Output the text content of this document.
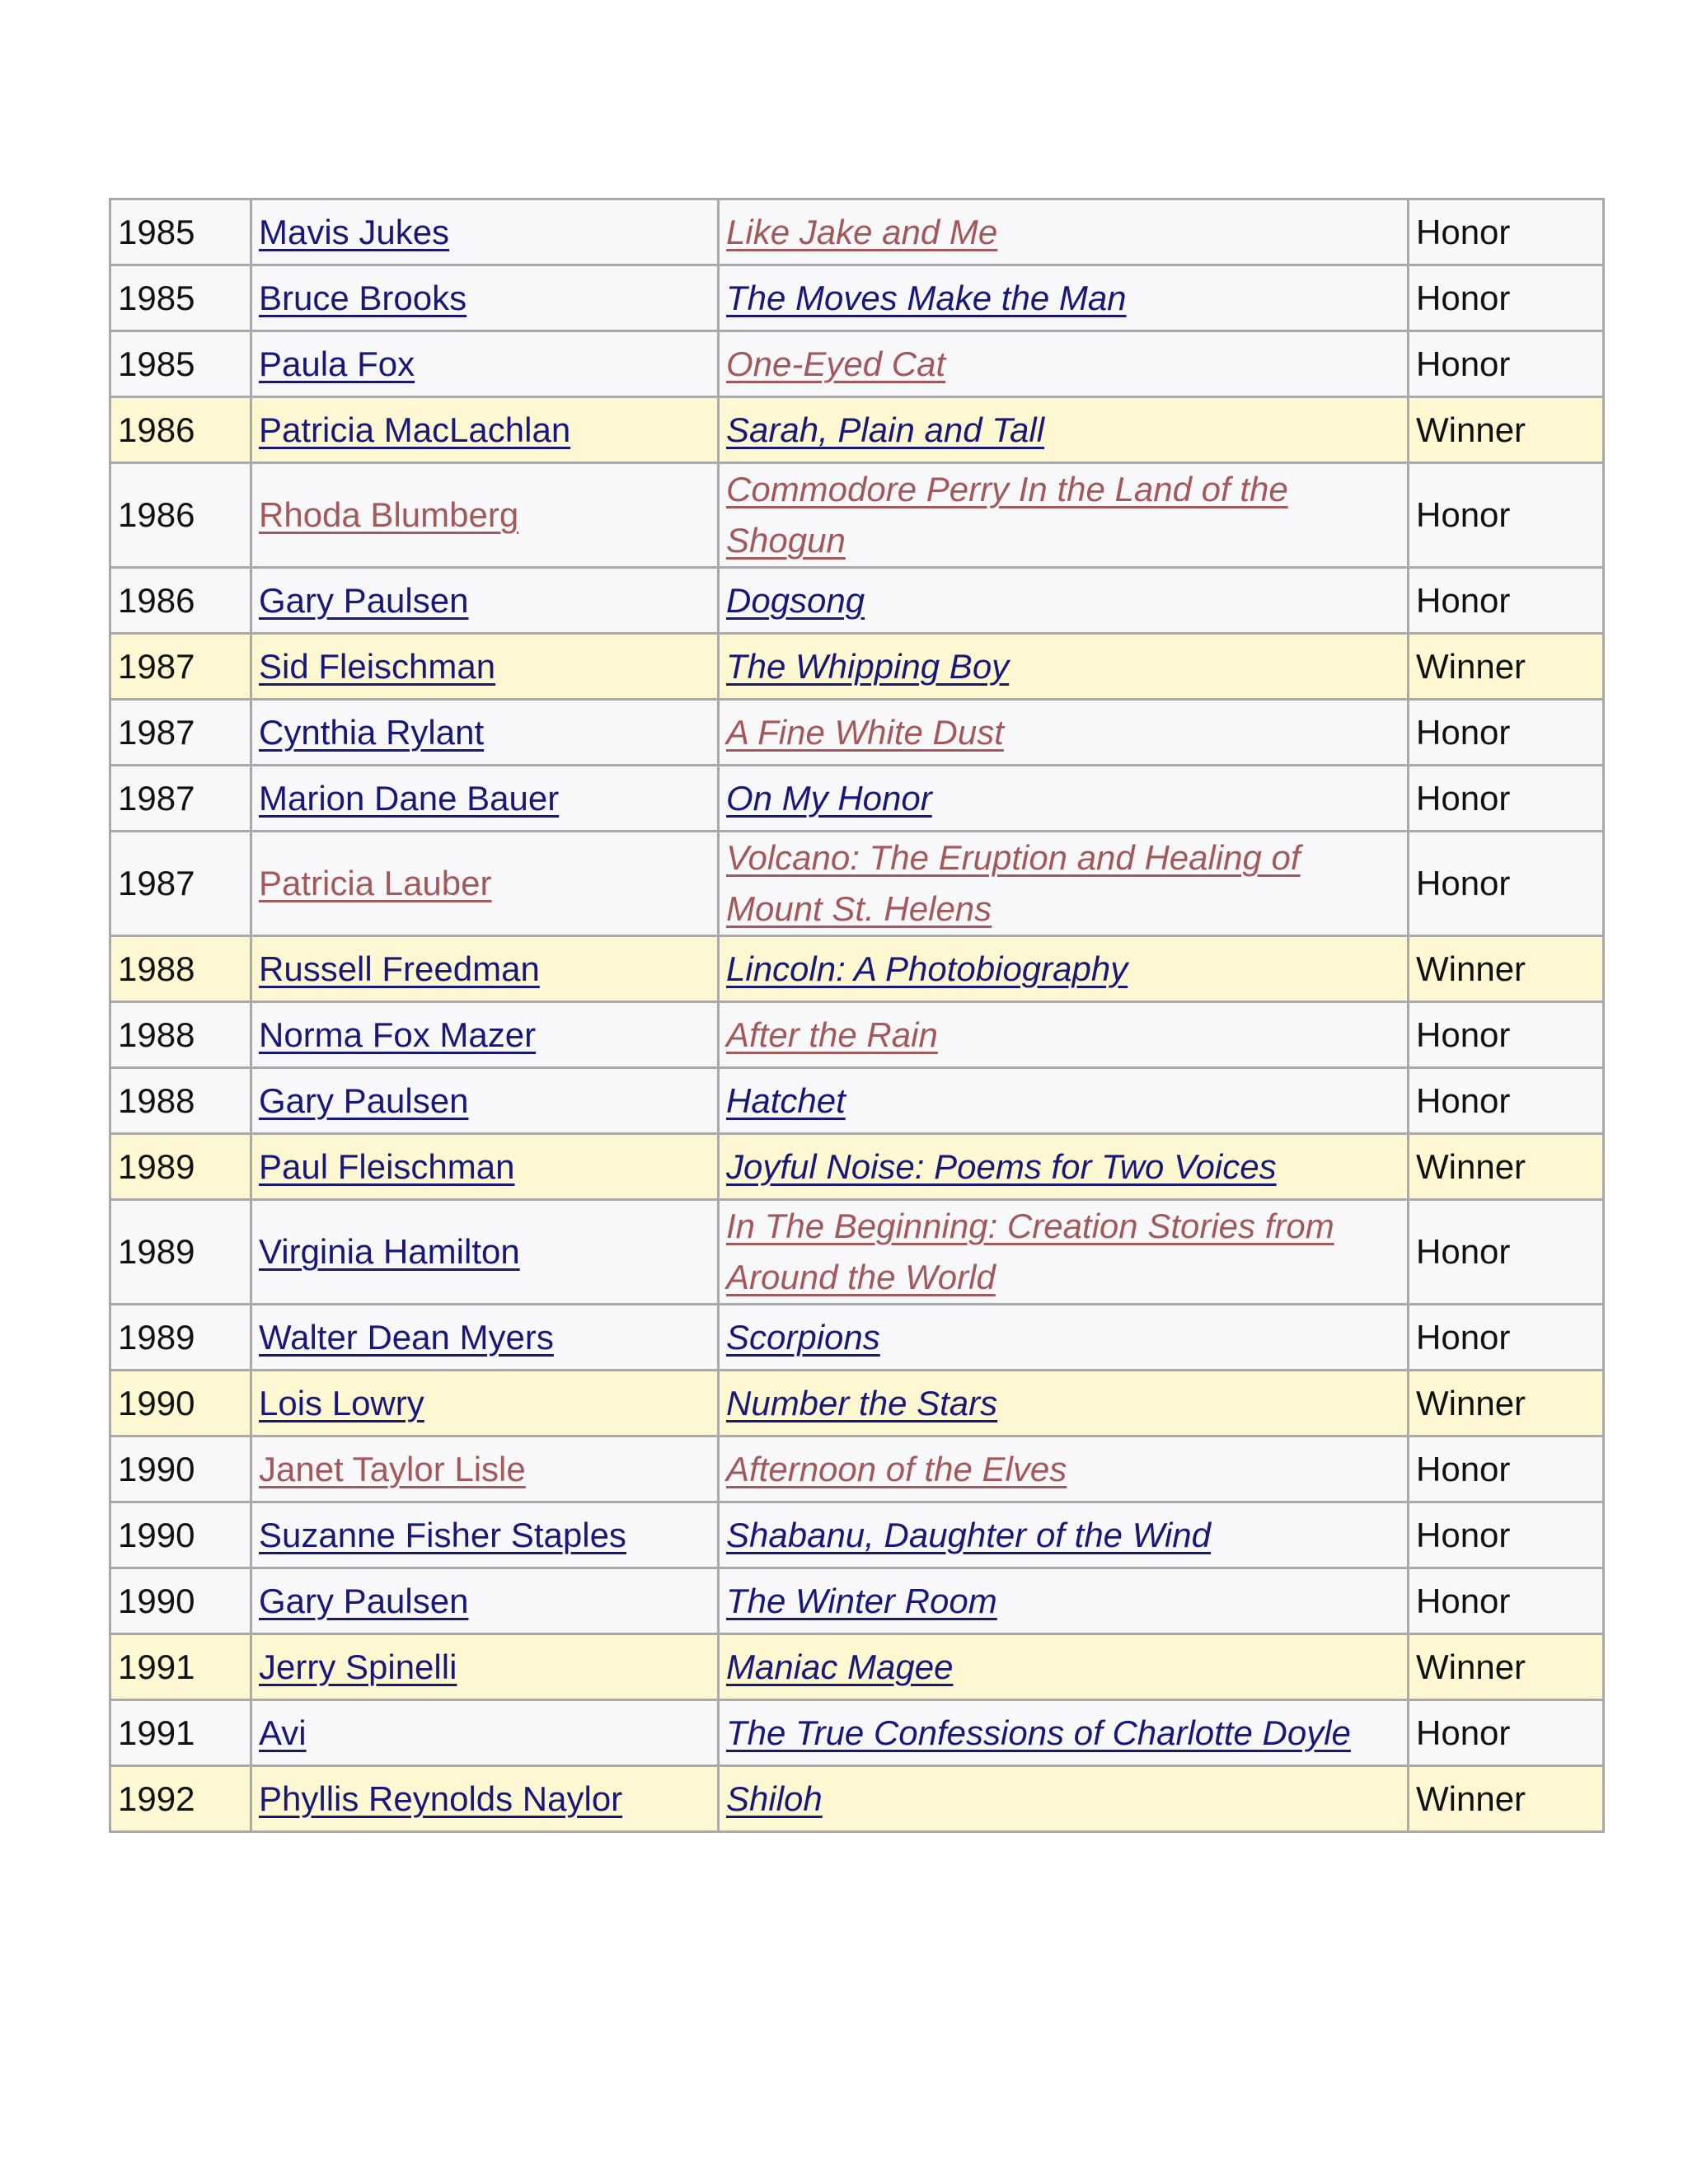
1985	Mavis Jukes	Like Jake and Me	Honor
1985	Bruce Brooks	The Moves Make the Man	Honor
1985	Paula Fox	One-Eyed Cat	Honor
1986	Patricia MacLachlan	Sarah, Plain and Tall	Winner
1986	Rhoda Blumberg	Commodore Perry In the Land of the Shogun	Honor
1986	Gary Paulsen	Dogsong	Honor
1987	Sid Fleischman	The Whipping Boy	Winner
1987	Cynthia Rylant	A Fine White Dust	Honor
1987	Marion Dane Bauer	On My Honor	Honor
1987	Patricia Lauber	Volcano: The Eruption and Healing of Mount St. Helens	Honor
1988	Russell Freedman	Lincoln: A Photobiography	Winner
1988	Norma Fox Mazer	After the Rain	Honor
1988	Gary Paulsen	Hatchet	Honor
1989	Paul Fleischman	Joyful Noise: Poems for Two Voices	Winner
1989	Virginia Hamilton	In The Beginning: Creation Stories from Around the World	Honor
1989	Walter Dean Myers	Scorpions	Honor
1990	Lois Lowry	Number the Stars	Winner
1990	Janet Taylor Lisle	Afternoon of the Elves	Honor
1990	Suzanne Fisher Staples	Shabanu, Daughter of the Wind	Honor
1990	Gary Paulsen	The Winter Room	Honor
1991	Jerry Spinelli	Maniac Magee	Winner
1991	Avi	The True Confessions of Charlotte Doyle	Honor
1992	Phyllis Reynolds Naylor	Shiloh	Winner
